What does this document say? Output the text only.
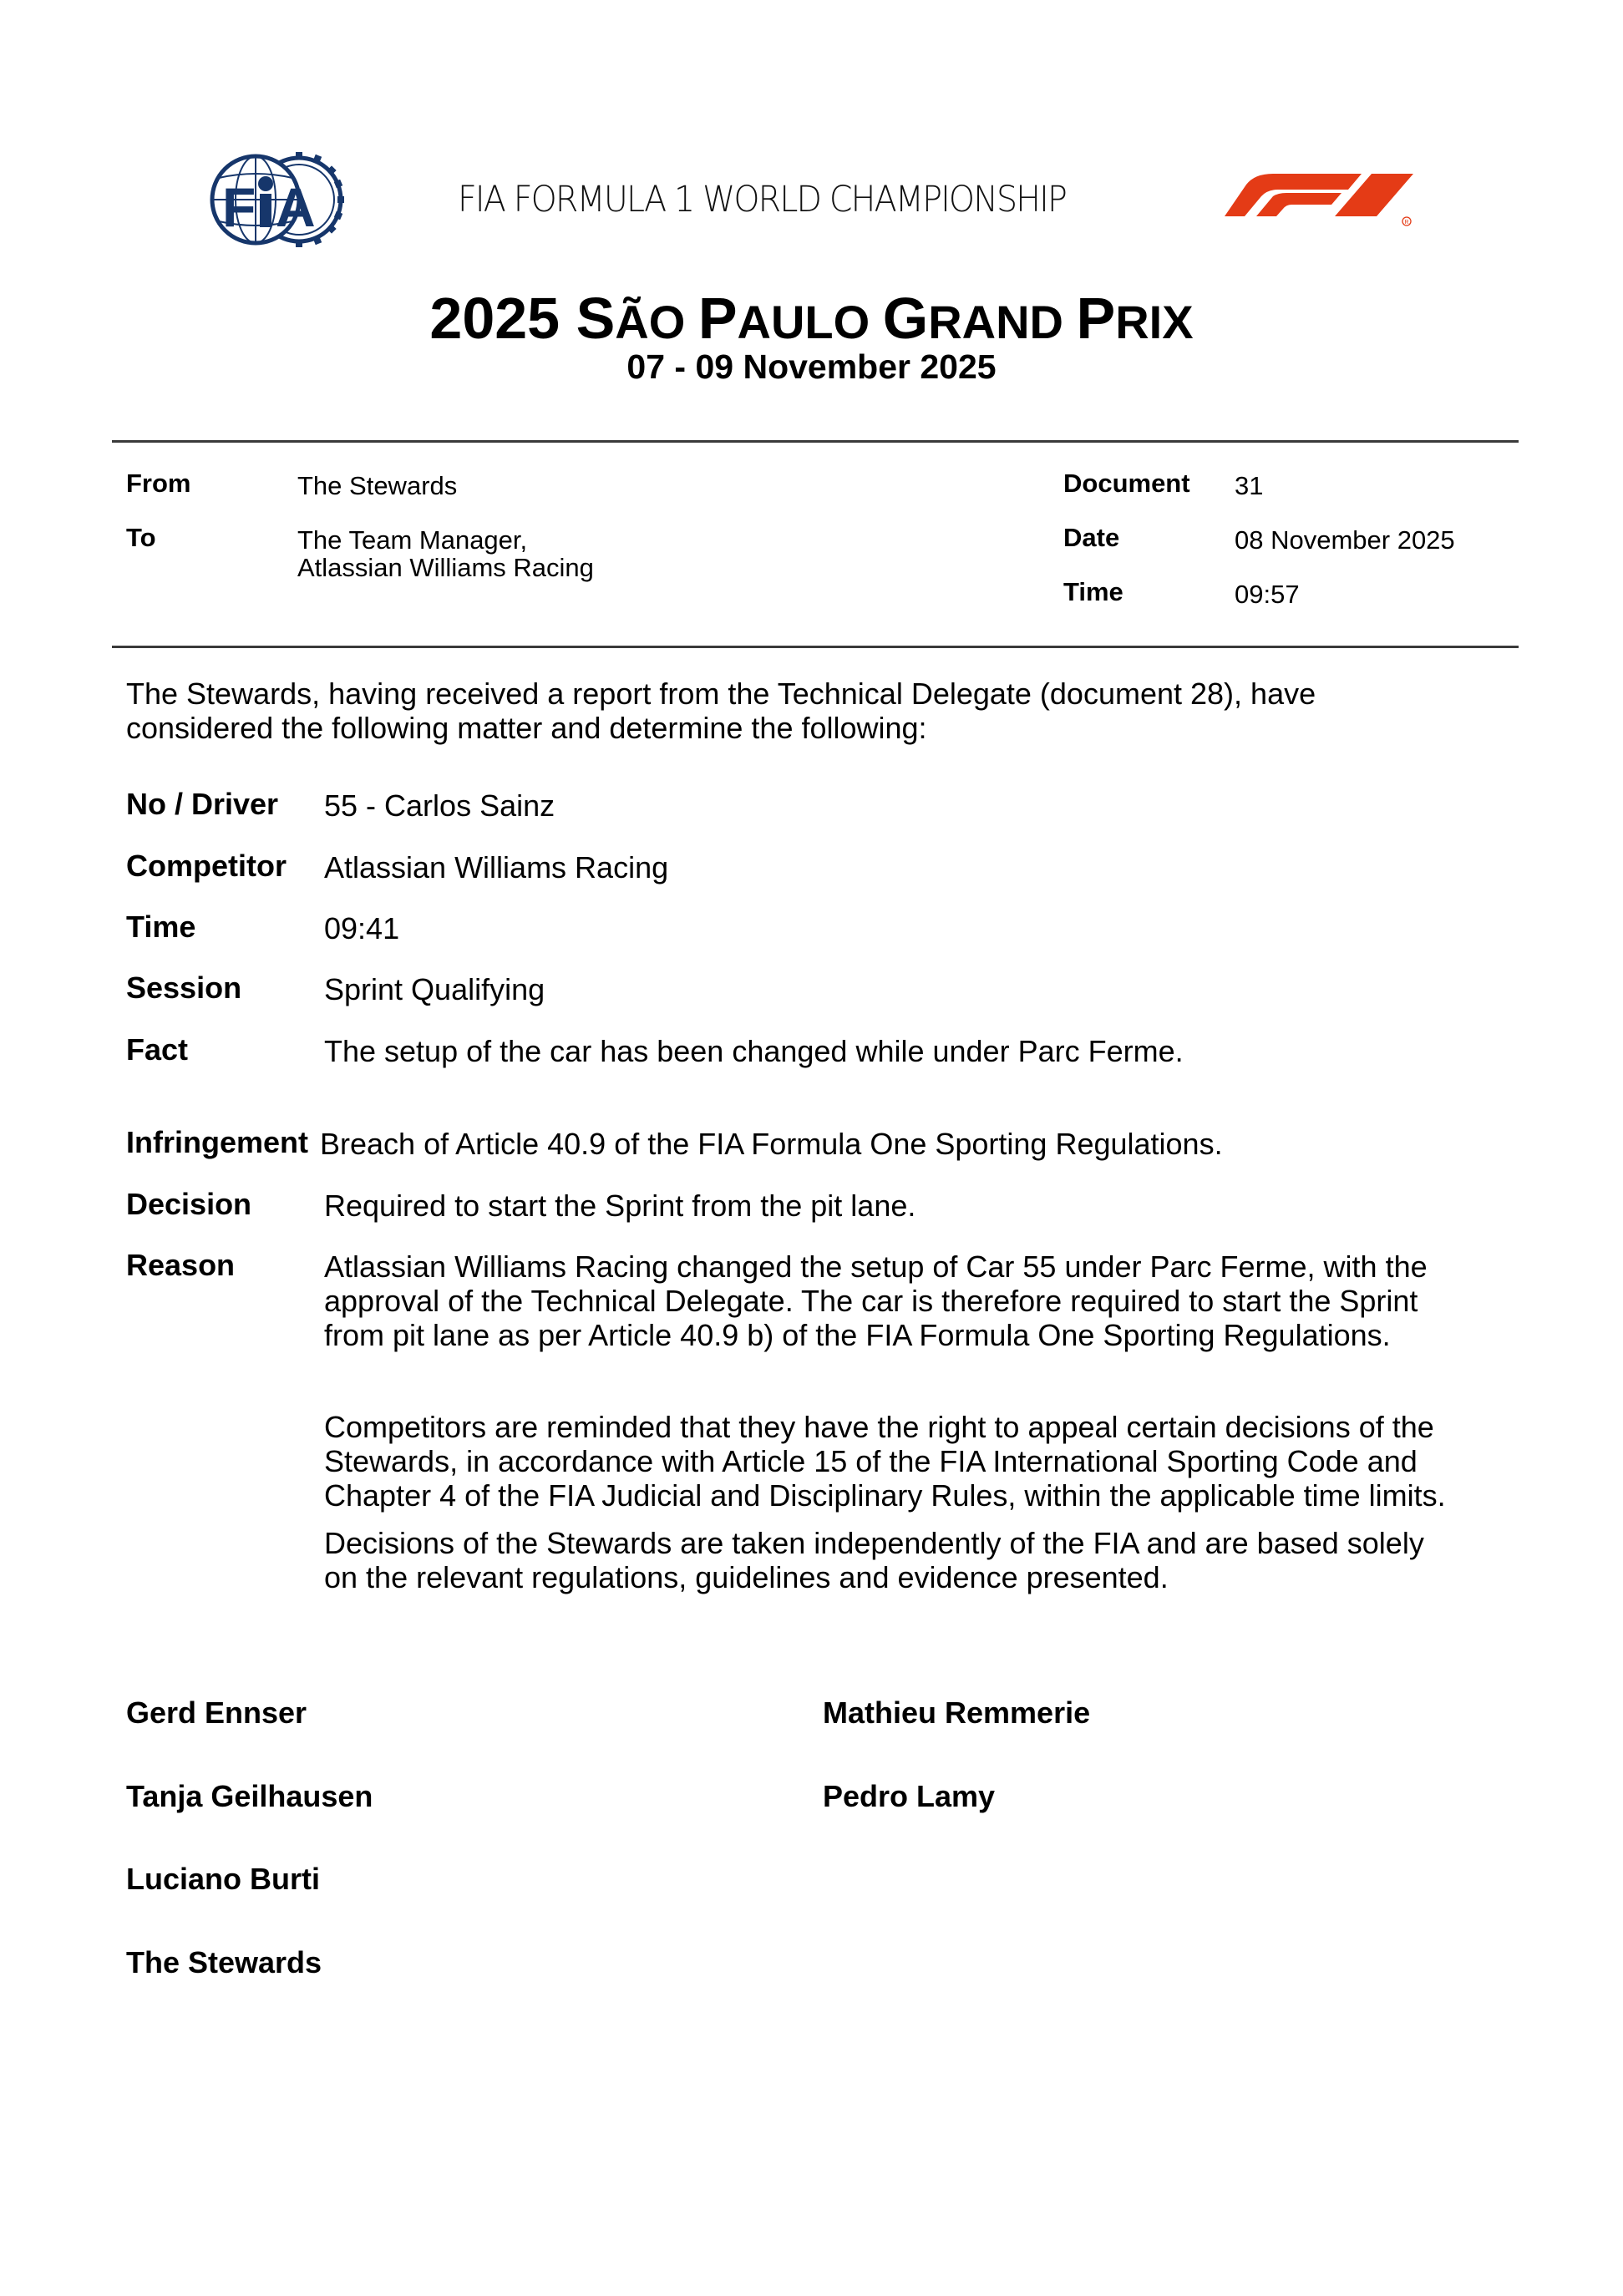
F A	FIA FORMULA 1 WORLD CHAMPIONSHIP
R
2025 SÃO PAULO GRAND PRIX
07 - 09 November 2025
From	The Stewards
To	The Team Manager,
Atlassian Williams Racing
Document 31
Date	08 November 2025
Time	09:57
The Stewards, having received a report from the Technical Delegate (document 28), have
considered the following matter and determine the following:
No / Driver 55 - Carlos Sainz
Competitor Atlassian Williams Racing
Time	09:41
Session	Sprint Qualifying
Fact	The setup of the car has been changed while under Parc Ferme.
Infringement Breach of Article 40.9 of the FIA Formula One Sporting Regulations.
Decision Required to start the Sprint from the pit lane.
Reason	Atlassian Williams Racing changed the setup of Car 55 under Parc Ferme, with the
approval of the Technical Delegate. The car is therefore required to start the Sprint
from pit lane as per Article 40.9 b) of the FIA Formula One Sporting Regulations.
Competitors are reminded that they have the right to appeal certain decisions of the
Stewards, in accordance with Article 15 of the FIA International Sporting Code and
Chapter 4 of the FIA Judicial and Disciplinary Rules, within the applicable time limits.
Decisions of the Stewards are taken independently of the FIA and are based solely
on the relevant regulations, guidelines and evidence presented.
Gerd Ennser
Tanja Geilhausen
Luciano Burti
The Stewards
Mathieu Remmerie
Pedro Lamy
